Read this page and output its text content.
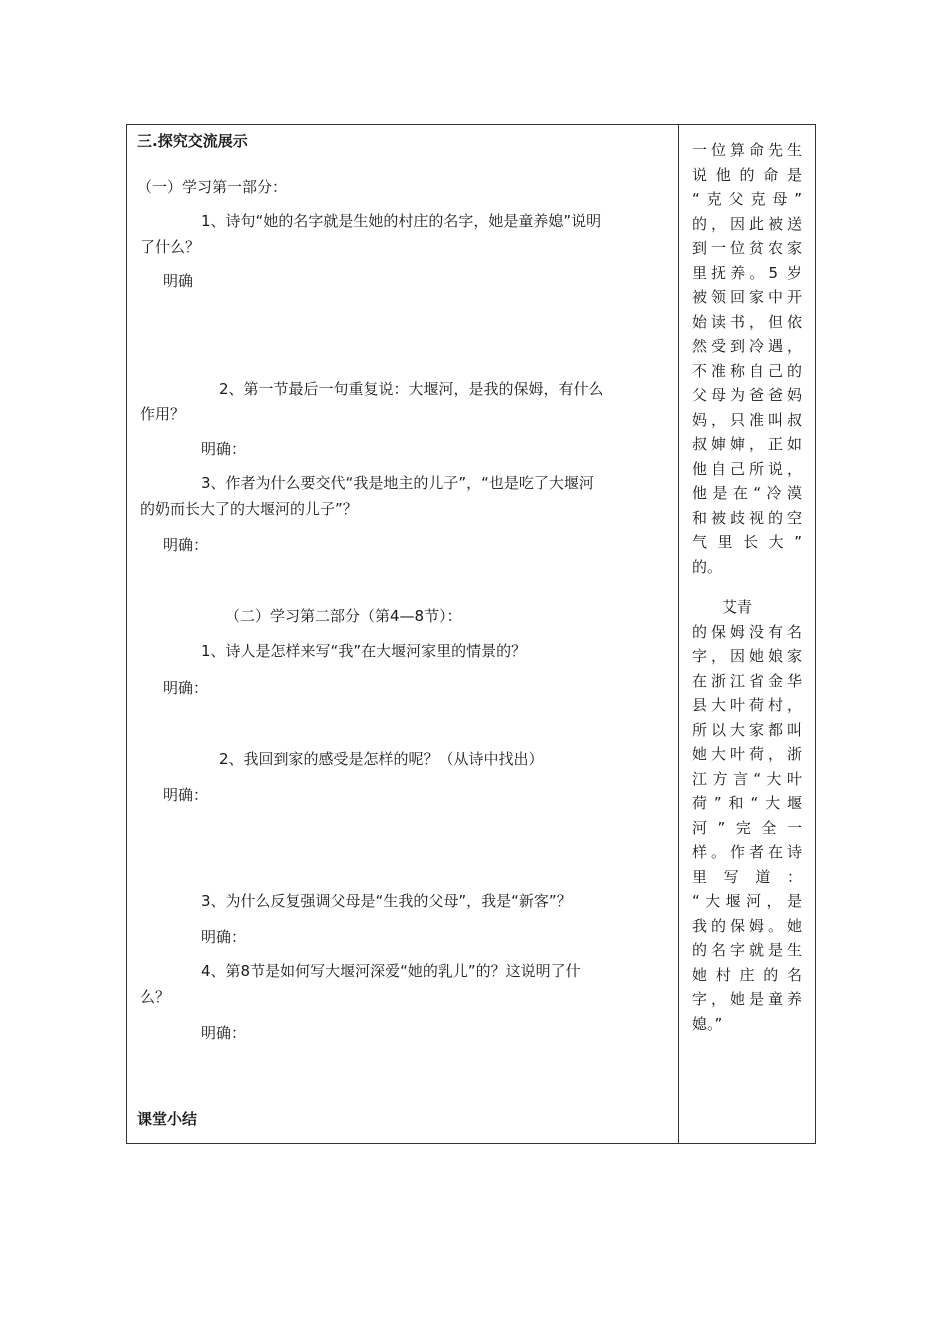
三.探究交流展示
（一）学习第一部分：
1、诗句“她的名字就是生她的村庄的名字，她是童养媳”说明
了什么？
明确
2、第一节最后一句重复说：大堰河，是我的保姆，有什么
作用？
明确：
3、作者为什么要交代“我是地主的儿子”，“也是吃了大堰河
的奶而长大了的大堰河的儿子”？
明确：
（二）学习第二部分（第4—8节）：
1、诗人是怎样来写“我”在大堰河家里的情景的？
明确：
2、我回到家的感受是怎样的呢？（从诗中找出）
明确：
3、为什么反复强调父母是“生我的父母”，我是“新客”？
明确：
4、第8节是如何写大堰河深爱“她的乳儿”的？这说明了什
么？
明确：
课堂小结
一位算命先生
说他的命是
“克父克母”
的，因此被送
到一位贫农家
里抚养。5 岁
被领回家中开
始读书，但依
然受到冷遇，
不准称自己的
父母为爸爸妈
妈，只准叫叔
叔婶婶，正如
他自己所说，
他是在“冷漠
和被歧视的空
气里长大”
的。
　　艾青
的保姆没有名
字，因她娘家
在浙江省金华
县大叶荷村，
所以大家都叫
她大叶荷，浙
江方言“大叶
荷”和“大堰
河”完全一
样。作者在诗
里写道：
“大堰河，是
我的保姆。她
的名字就是生
她村庄的名
字，她是童养
媳。”
